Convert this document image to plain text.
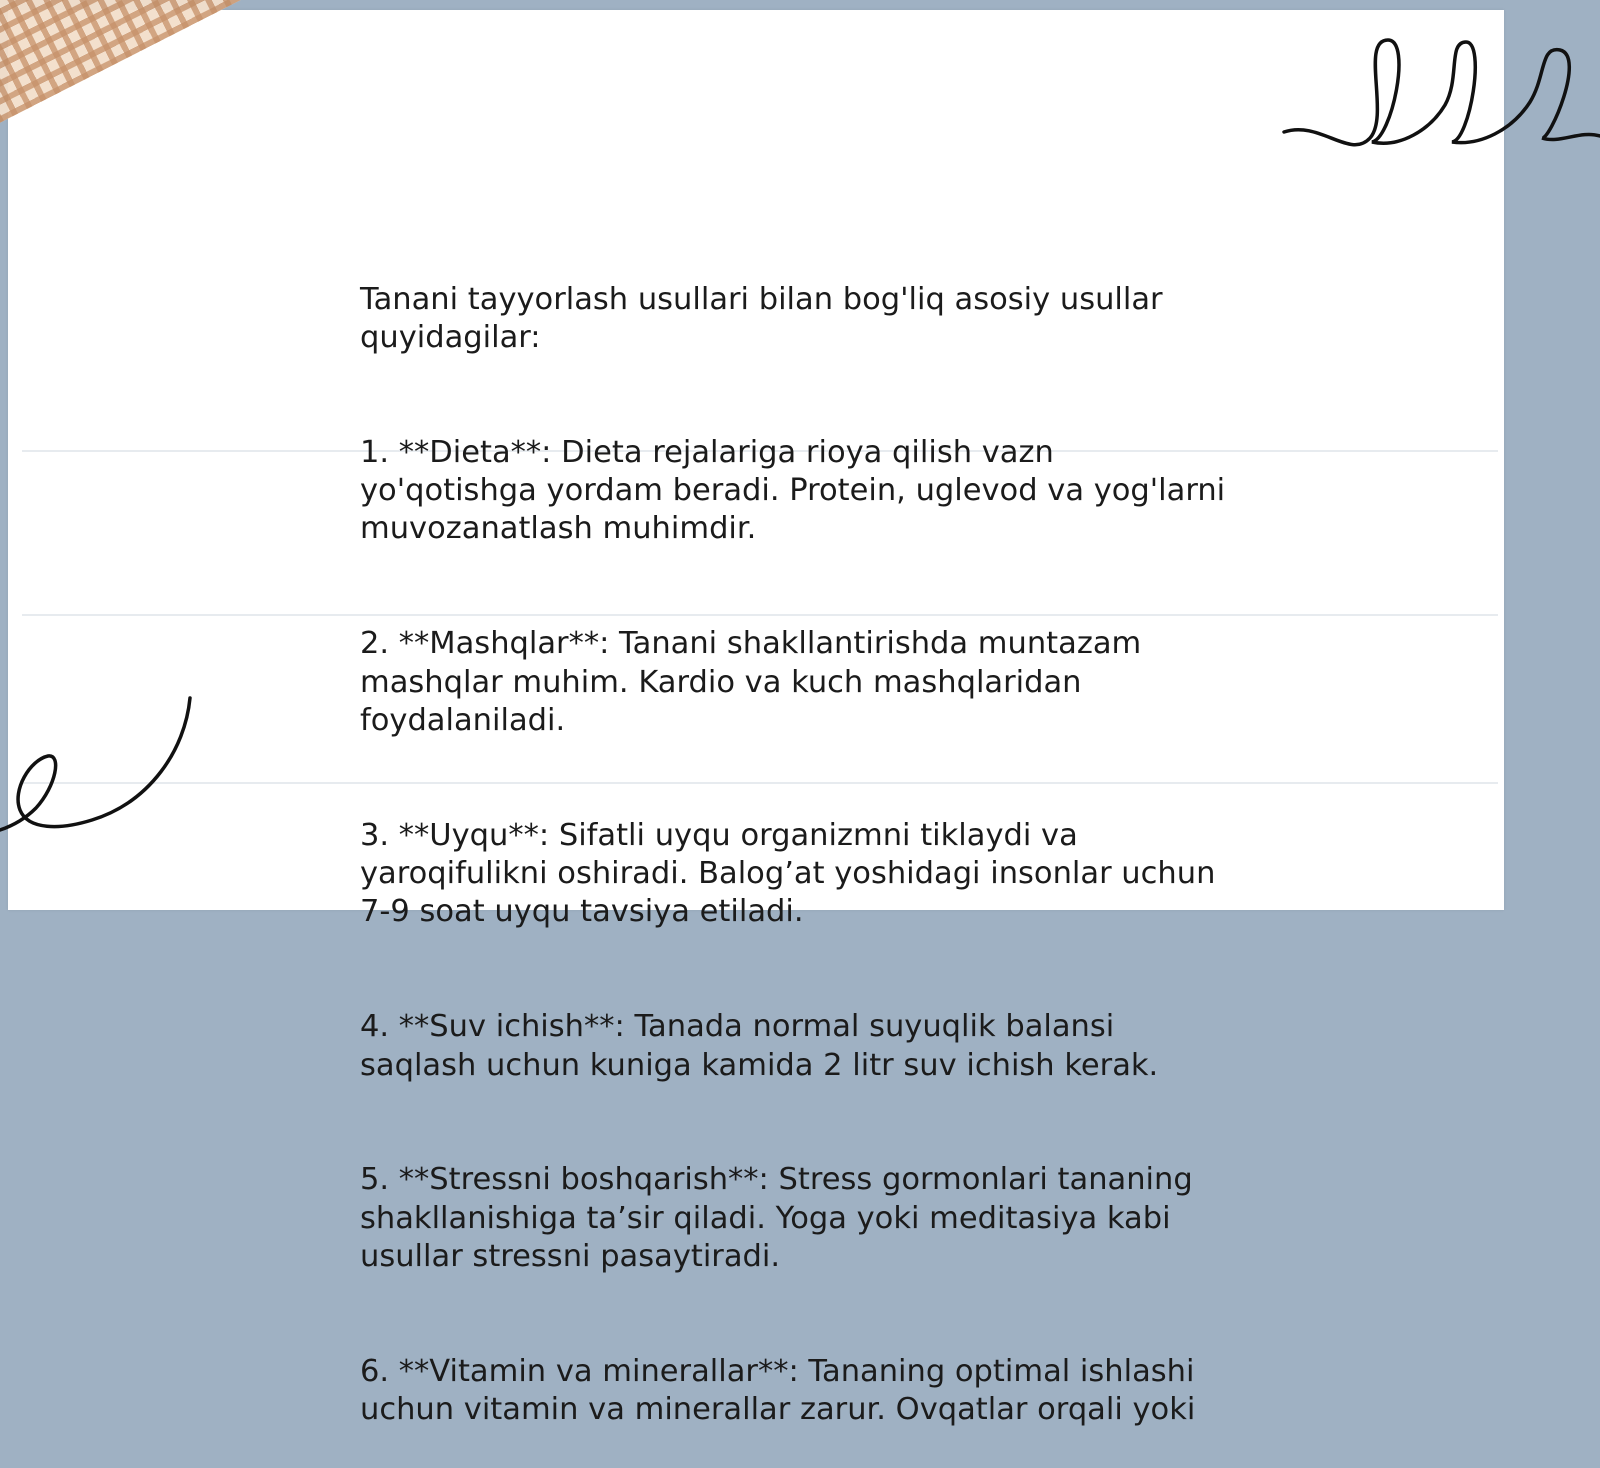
Tanani tayyorlash usullari bilan bog'liq asosiy usullar quyidagilar:

1. **Dieta**: Dieta rejalariga rioya qilish vazn yo'qotishga yordam beradi. Protein, uglevod va yog'larni muvozanatlash muhimdir.

2. **Mashqlar**: Tanani shakllantirishda muntazam mashqlar muhim. Kardio va kuch mashqlaridan foydalaniladi.

3. **Uyqu**: Sifatli uyqu organizmni tiklaydi va yaroqifulikni oshiradi. Balog’at yoshidagi insonlar uchun 7-9 soat uyqu tavsiya etiladi.

4. **Suv ichish**: Tanada normal suyuqlik balansi saqlash uchun kuniga kamida 2 litr suv ichish kerak.

5. **Stressni boshqarish**: Stress gormonlari tananing shakllanishiga ta’sir qiladi. Yoga yoki meditasiya kabi usullar stressni pasaytiradi.

6. **Vitamin va minerallar**: Tananing optimal ishlashi uchun vitamin va minerallar zarur. Ovqatlar orqali yoki
